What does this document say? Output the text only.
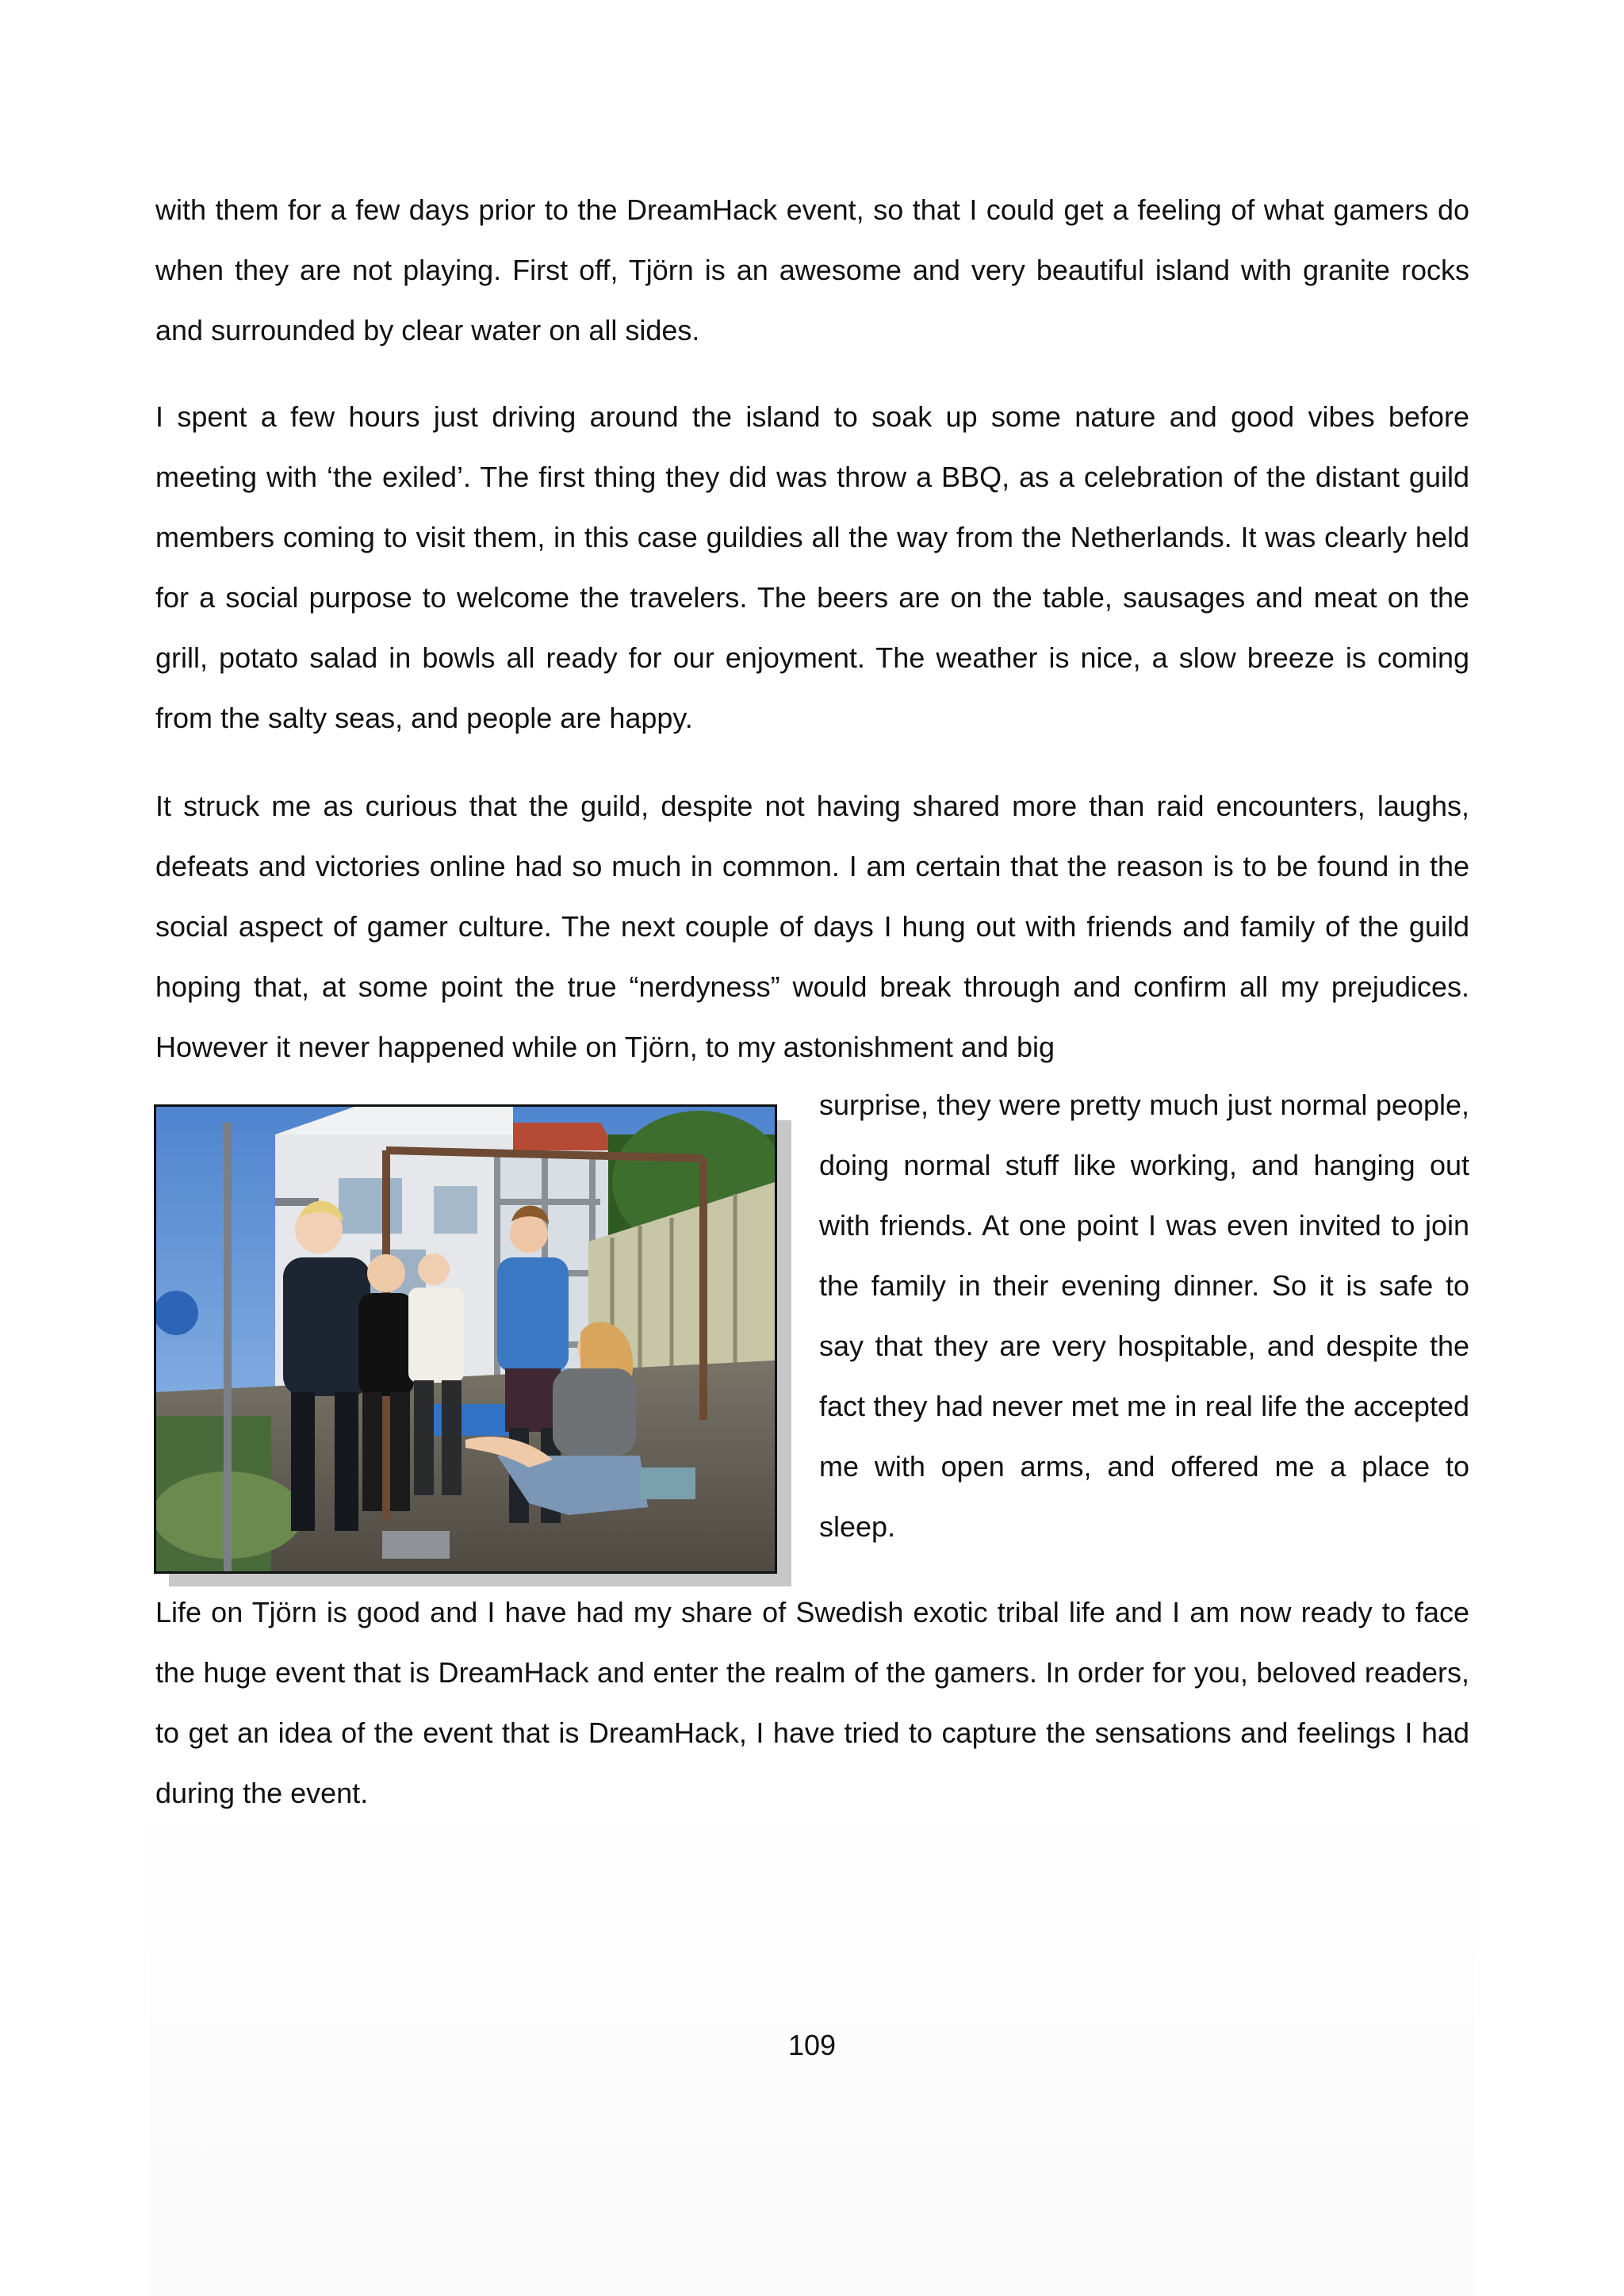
with them for a few days prior to the DreamHack event, so that I could get a feeling of what gamers do when they are not playing. First off, Tjörn is an awesome and very beautiful island with granite rocks and surrounded by clear water on all sides.
I spent a few hours just driving around the island to soak up some nature and good vibes before meeting with ‘the exiled’. The first thing they did was throw a BBQ, as a celebration of the distant guild members coming to visit them, in this case guildies all the way from the Netherlands. It was clearly held for a social purpose to welcome the travelers. The beers are on the table, sausages and meat on the grill, potato salad in bowls all ready for our enjoyment. The weather is nice, a slow breeze is coming from the salty seas, and people are happy.
It struck me as curious that the guild, despite not having shared more than raid encounters, laughs, defeats and victories online had so much in common. I am certain that the reason is to be found in the social aspect of gamer culture. The next couple of days I hung out with friends and family of the guild hoping that, at some point the true “nerdyness” would break through and confirm all my prejudices. However it never happened while on Tjörn, to my astonishment and big
surprise, they were pretty much just normal people, doing normal stuff like working, and hanging out with friends. At one point I was even invited to join the family in their evening dinner. So it is safe to say that they are very hospitable, and despite the fact they had never met me in real life the accepted me with open arms, and offered me a place to sleep.
Life on Tjörn is good and I have had my share of Swedish exotic tribal life and I am now ready to face the huge event that is DreamHack and enter the realm of the gamers. In order for you, beloved readers, to get an idea of the event that is DreamHack, I have tried to capture the sensations and feelings I had during the event.
109
